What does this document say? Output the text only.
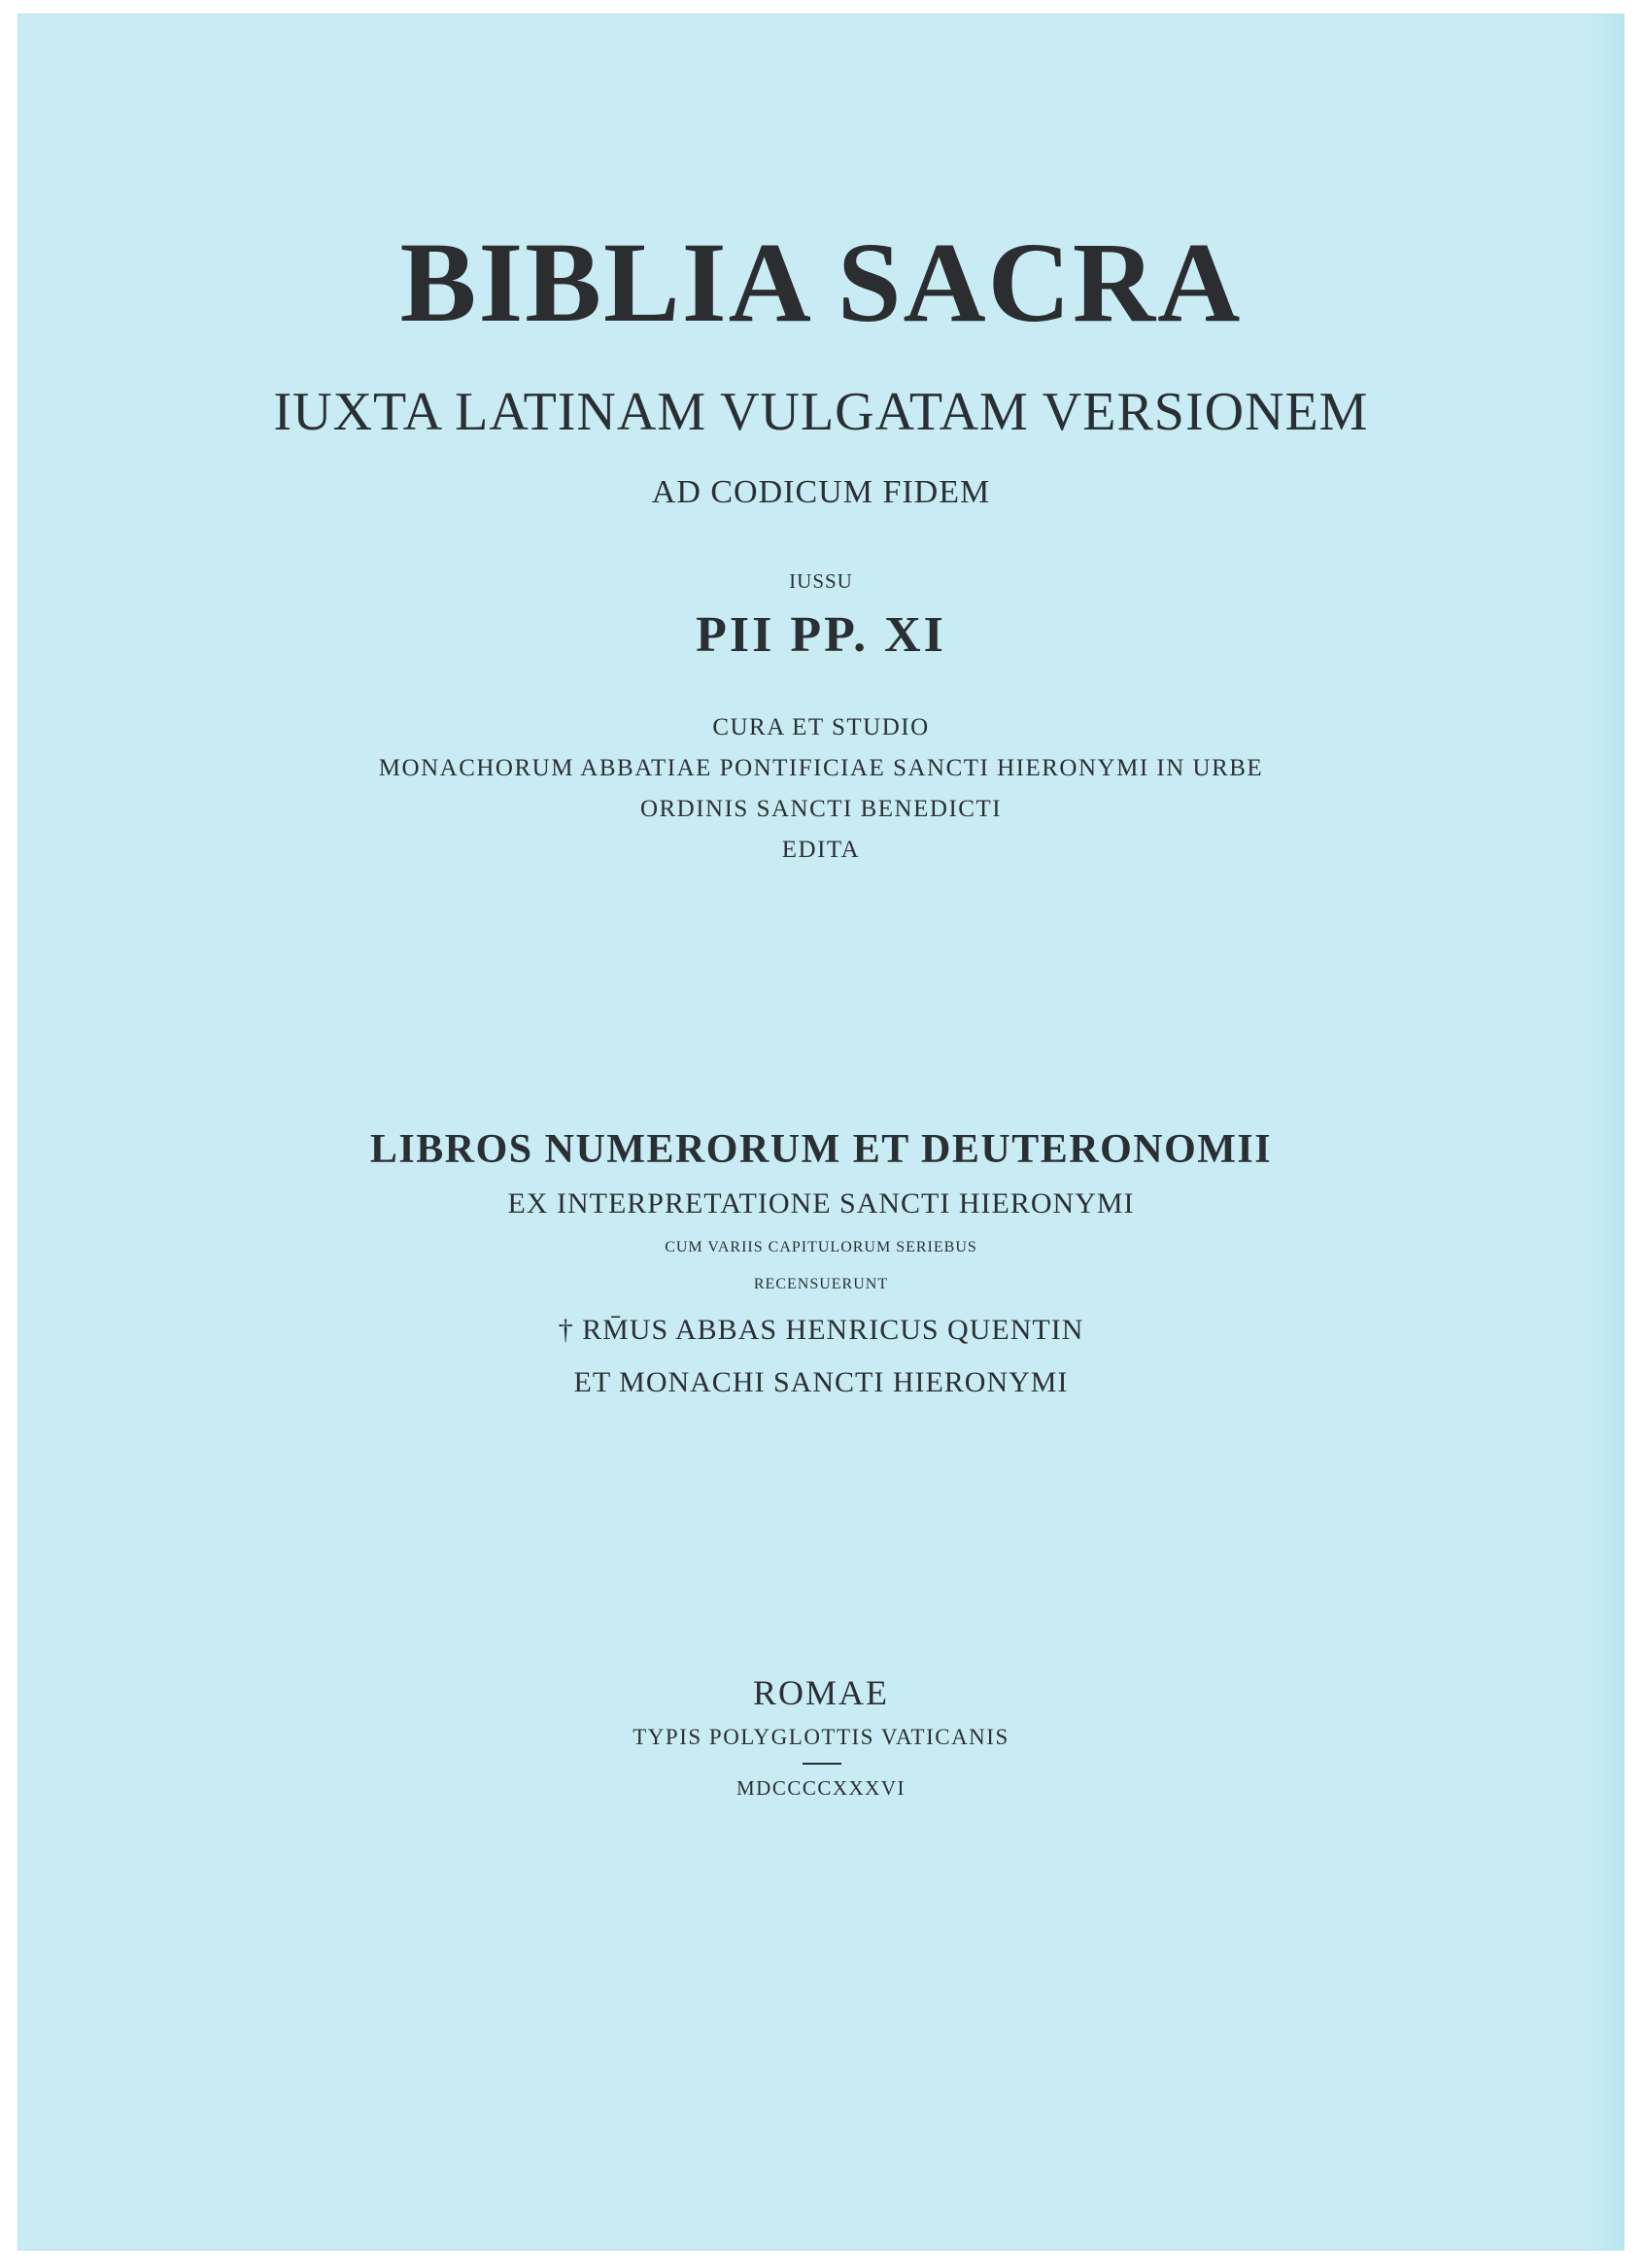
BIBLIA SACRA
IUXTA LATINAM VULGATAM VERSIONEM
AD CODICUM FIDEM
IUSSU
PII PP. XI
CURA ET STUDIO
MONACHORUM ABBATIAE PONTIFICIAE SANCTI HIERONYMI IN URBE
ORDINIS SANCTI BENEDICTI
EDITA
LIBROS NUMERORUM ET DEUTERONOMII
EX INTERPRETATIONE SANCTI HIERONYMI
CUM VARIIS CAPITULORUM SERIEBUS
RECENSUERUNT
† RM̄US ABBAS HENRICUS QUENTIN
ET MONACHI SANCTI HIERONYMI
ROMAE
TYPIS POLYGLOTTIS VATICANIS
MDCCCCXXXVI
